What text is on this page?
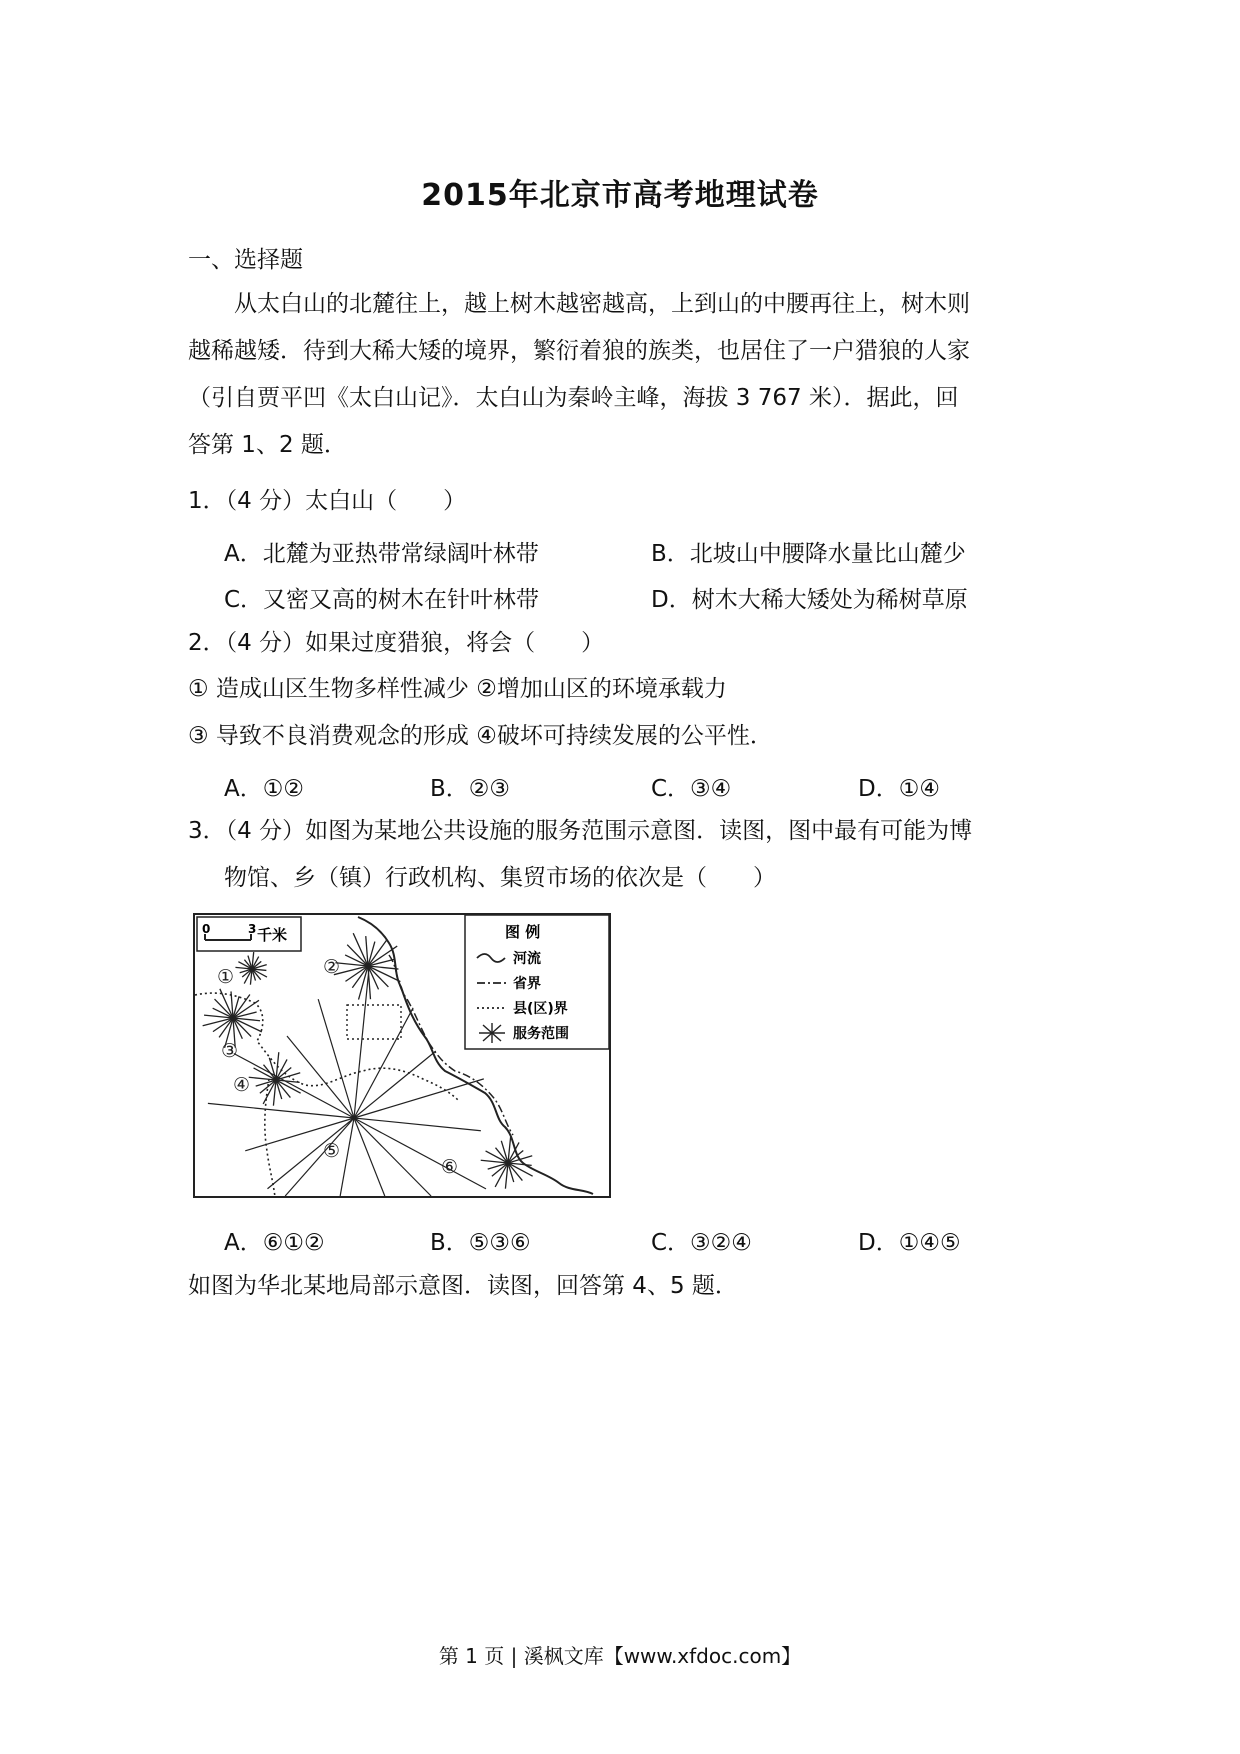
2015年北京市高考地理试卷
一、选择题
　　从太白山的北麓往上，越上树木越密越高，上到山的中腰再往上，树木则
越稀越矮．待到大稀大矮的境界，繁衍着狼的族类，也居住了一户猎狼的人家
（引自贾平凹《太白山记》．太白山为秦岭主峰，海拔 3 767 米）．据此，回
答第 1、2 题．
1．（4 分）太白山（　　）
A．北麓为亚热带常绿阔叶林带	B．北坡山中腰降水量比山麓少
C．又密又高的树木在针叶林带	D．树木大稀大矮处为稀树草原
2．（4 分）如果过度猎狼，将会（　　）
① 造成山区生物多样性减少 ②增加山区的环境承载力
③ 导致不良消费观念的形成 ④破坏可持续发展的公平性．
A．①②	B．②③	C．③④	D．①④
3．（4 分）如图为某地公共设施的服务范围示意图．读图，图中最有可能为博
物馆、乡（镇）行政机构、集贸市场的依次是（　　）
0	3 千米	图 例
河流
省界
县(区)界
服务范围
①	②
③
④
⑤
⑥
A．⑥①②	B．⑤③⑥	C．③②④	D．①④⑤
如图为华北某地局部示意图．读图，回答第 4、5 题．
第 1 页 | 溪枫文库【www.xfdoc.com】
